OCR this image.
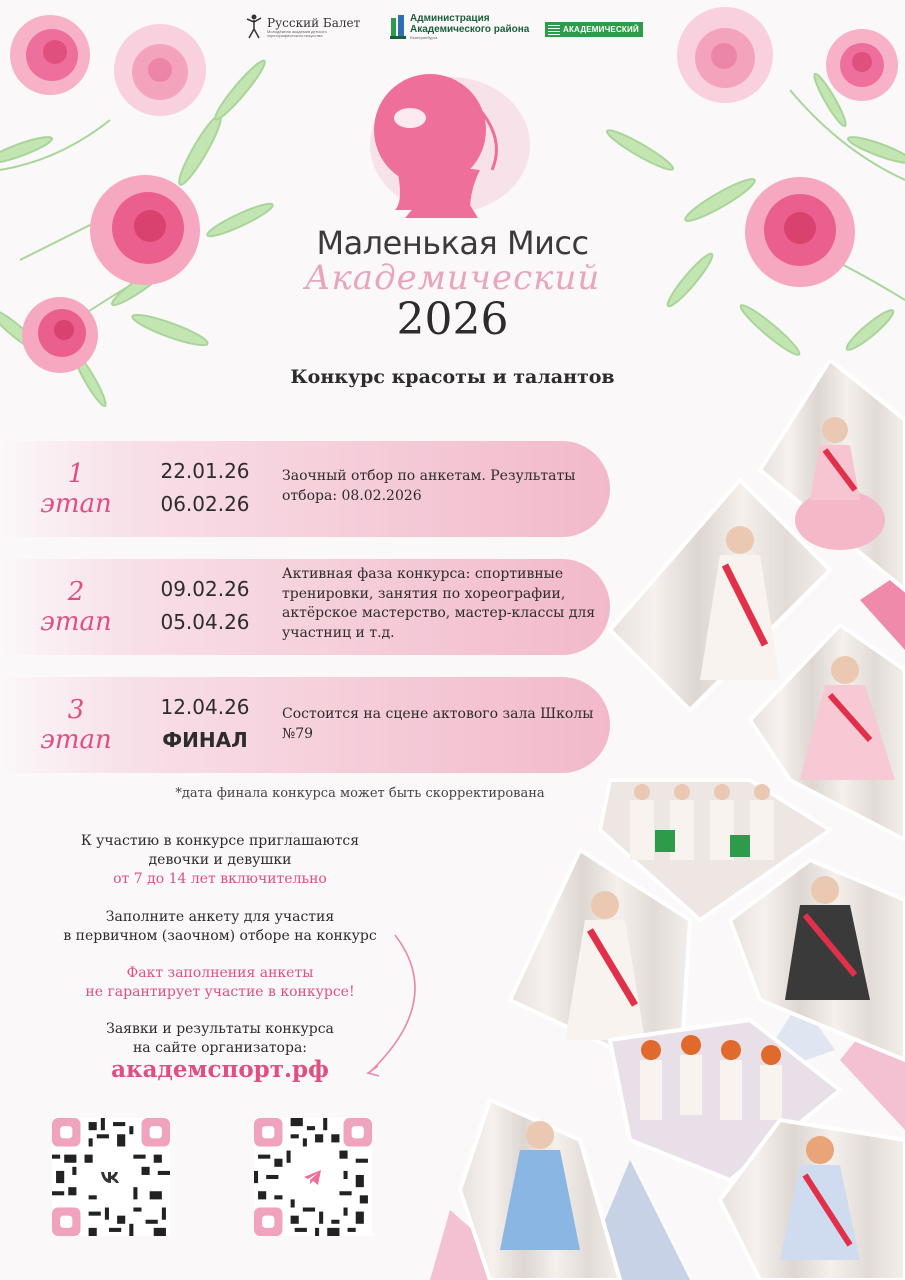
Русский Балет
Молодёжная академия детского хореографического искусства
Администрация
Академического района
Екатеринбурга
АКАДЕМИЧЕСКИЙ
Маленькая Мисс
Академический
2026
Конкурс красоты и талантов
1
этап
22.01.26
06.02.26
Заочный отбор по анкетам. Результаты отбора: 08.02.2026
2
этап
09.02.26
05.04.26
Активная фаза конкурса: спортивные тренировки, занятия по хореографии, актёрское мастерство, мастер-классы для участниц и т.д.
3
этап
12.04.26
ФИНАЛ
Состоится на сцене актового зала Школы №79
*дата финала конкурса может быть скорректирована
К участию в конкурсе приглашаются
девочки и девушки
от 7 до 14 лет включительно
Заполните анкету для участия
в первичном (заочном) отборе на конкурс
Факт заполнения анкеты
не гарантирует участие в конкурсе!
Заявки и результаты конкурса
на сайте организатора:
академспорт.рф
